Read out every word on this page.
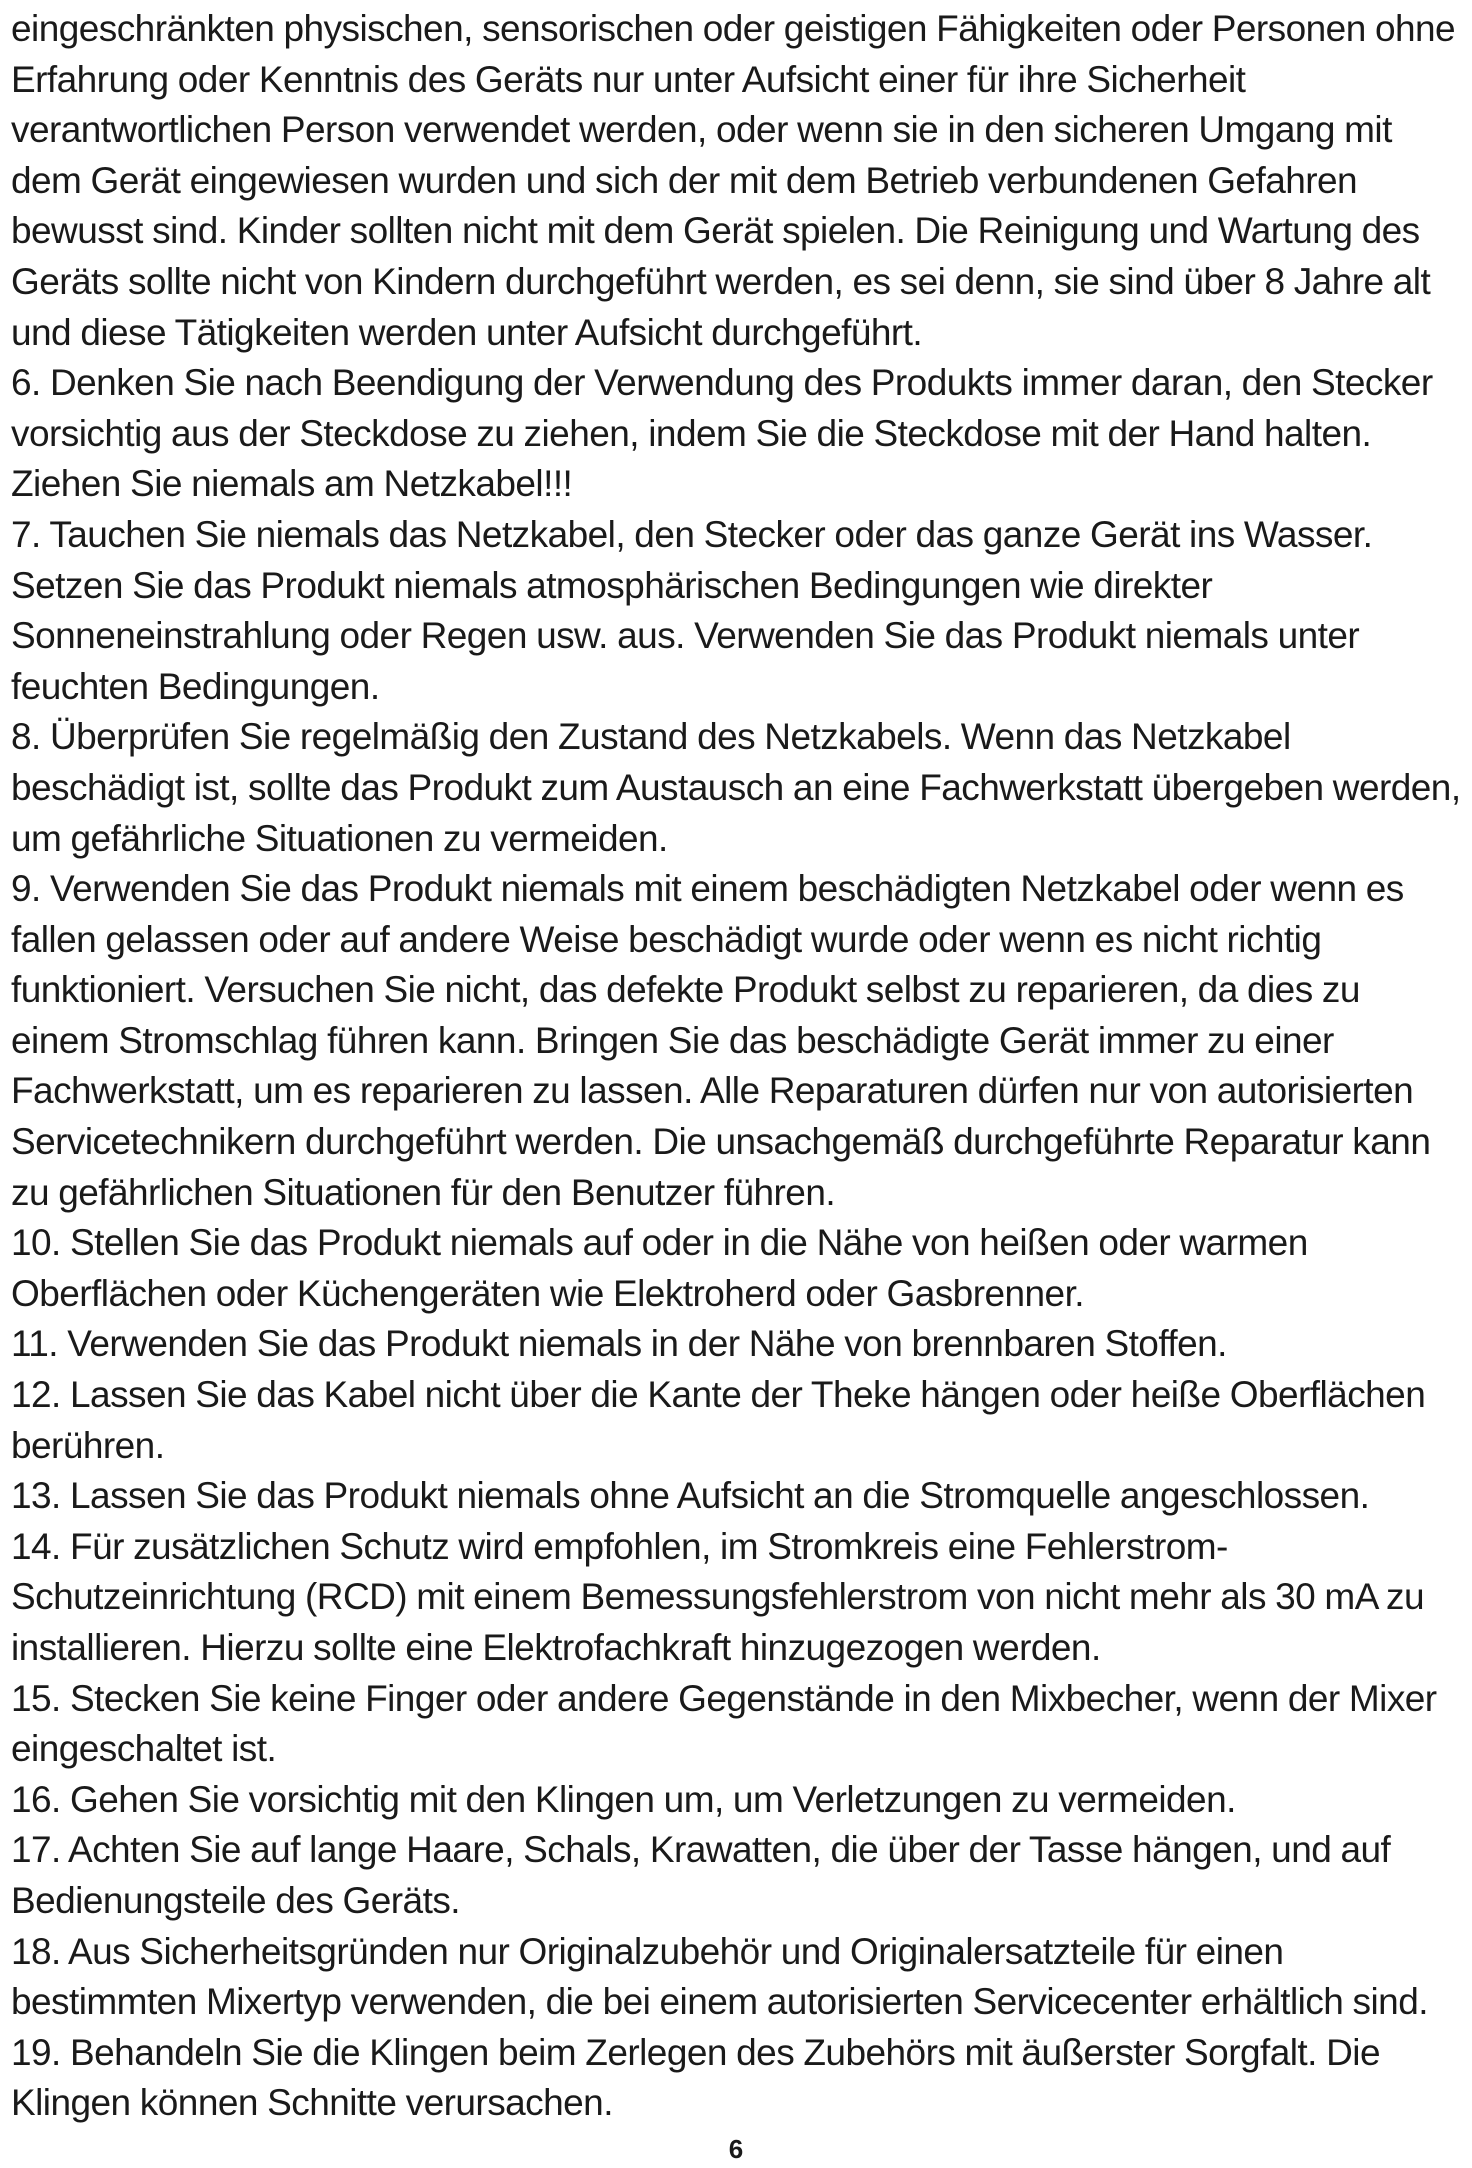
eingeschränkten physischen, sensorischen oder geistigen Fähigkeiten oder Personen ohne Erfahrung oder Kenntnis des Geräts nur unter Aufsicht einer für ihre Sicherheit verantwortlichen Person verwendet werden, oder wenn sie in den sicheren Umgang mit dem Gerät eingewiesen wurden und sich der mit dem Betrieb verbundenen Gefahren bewusst sind. Kinder sollten nicht mit dem Gerät spielen. Die Reinigung und Wartung des Geräts sollte nicht von Kindern durchgeführt werden, es sei denn, sie sind über 8 Jahre alt und diese Tätigkeiten werden unter Aufsicht durchgeführt.

6. Denken Sie nach Beendigung der Verwendung des Produkts immer daran, den Stecker vorsichtig aus der Steckdose zu ziehen, indem Sie die Steckdose mit der Hand halten. Ziehen Sie niemals am Netzkabel!!!

7. Tauchen Sie niemals das Netzkabel, den Stecker oder das ganze Gerät ins Wasser. Setzen Sie das Produkt niemals atmosphärischen Bedingungen wie direkter Sonneneinstrahlung oder Regen usw. aus. Verwenden Sie das Produkt niemals unter feuchten Bedingungen.

8. Überprüfen Sie regelmäßig den Zustand des Netzkabels. Wenn das Netzkabel beschädigt ist, sollte das Produkt zum Austausch an eine Fachwerkstatt übergeben werden, um gefährliche Situationen zu vermeiden.

9. Verwenden Sie das Produkt niemals mit einem beschädigten Netzkabel oder wenn es fallen gelassen oder auf andere Weise beschädigt wurde oder wenn es nicht richtig funktioniert. Versuchen Sie nicht, das defekte Produkt selbst zu reparieren, da dies zu einem Stromschlag führen kann. Bringen Sie das beschädigte Gerät immer zu einer Fachwerkstatt, um es reparieren zu lassen. Alle Reparaturen dürfen nur von autorisierten Servicetechnikern durchgeführt werden. Die unsachgemäß durchgeführte Reparatur kann zu gefährlichen Situationen für den Benutzer führen.

10. Stellen Sie das Produkt niemals auf oder in die Nähe von heißen oder warmen Oberflächen oder Küchengeräten wie Elektroherd oder Gasbrenner.

11. Verwenden Sie das Produkt niemals in der Nähe von brennbaren Stoffen.

12. Lassen Sie das Kabel nicht über die Kante der Theke hängen oder heiße Oberflächen berühren.

13. Lassen Sie das Produkt niemals ohne Aufsicht an die Stromquelle angeschlossen.

14. Für zusätzlichen Schutz wird empfohlen, im Stromkreis eine Fehlerstrom-Schutzeinrichtung (RCD) mit einem Bemessungsfehlerstrom von nicht mehr als 30 mA zu installieren. Hierzu sollte eine Elektrofachkraft hinzugezogen werden.

15. Stecken Sie keine Finger oder andere Gegenstände in den Mixbecher, wenn der Mixer eingeschaltet ist.

16. Gehen Sie vorsichtig mit den Klingen um, um Verletzungen zu vermeiden.

17. Achten Sie auf lange Haare, Schals, Krawatten, die über der Tasse hängen, und auf Bedienungsteile des Geräts.

18. Aus Sicherheitsgründen nur Originalzubehör und Originalersatzteile für einen bestimmten Mixertyp verwenden, die bei einem autorisierten Servicecenter erhältlich sind.

19. Behandeln Sie die Klingen beim Zerlegen des Zubehörs mit äußerster Sorgfalt. Die Klingen können Schnitte verursachen.

6
